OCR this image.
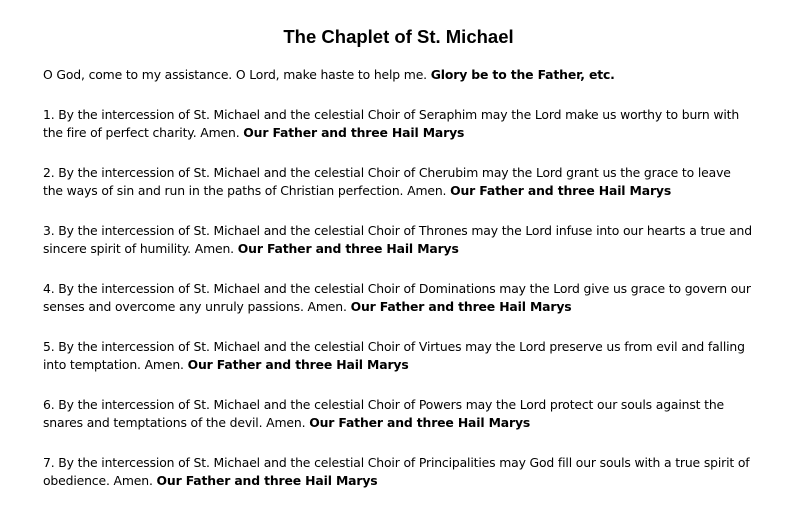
The Chaplet of St. Michael

O God, come to my assistance. O Lord, make haste to help me. Glory be to the Father, etc.

1. By the intercession of St. Michael and the celestial Choir of Seraphim may the Lord make us worthy to burn with the fire of perfect charity. Amen. Our Father and three Hail Marys

2. By the intercession of St. Michael and the celestial Choir of Cherubim may the Lord grant us the grace to leave the ways of sin and run in the paths of Christian perfection. Amen. Our Father and three Hail Marys

3. By the intercession of St. Michael and the celestial Choir of Thrones may the Lord infuse into our hearts a true and sincere spirit of humility. Amen. Our Father and three Hail Marys

4. By the intercession of St. Michael and the celestial Choir of Dominations may the Lord give us grace to govern our senses and overcome any unruly passions. Amen. Our Father and three Hail Marys

5. By the intercession of St. Michael and the celestial Choir of Virtues may the Lord preserve us from evil and falling into temptation. Amen. Our Father and three Hail Marys

6. By the intercession of St. Michael and the celestial Choir of Powers may the Lord protect our souls against the snares and temptations of the devil. Amen. Our Father and three Hail Marys

7. By the intercession of St. Michael and the celestial Choir of Principalities may God fill our souls with a true spirit of obedience. Amen. Our Father and three Hail Marys
